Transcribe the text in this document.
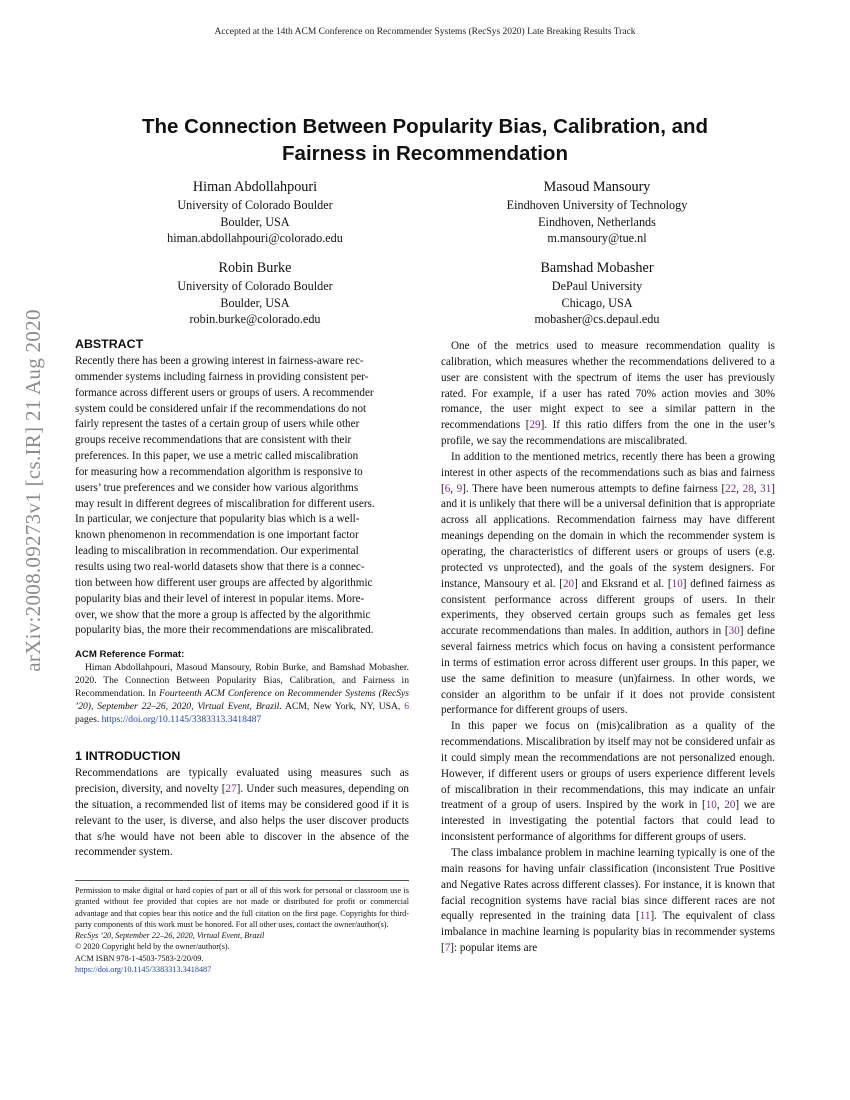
Accepted at the 14th ACM Conference on Recommender Systems (RecSys 2020) Late Breaking Results Track
arXiv:2008.09273v1 [cs.IR] 21 Aug 2020
The Connection Between Popularity Bias, Calibration, and
Fairness in Recommendation
Himan Abdollahpouri
University of Colorado Boulder
Boulder, USA
himan.abdollahpouri@colorado.edu
Masoud Mansoury
Eindhoven University of Technology
Eindhoven, Netherlands
m.mansoury@tue.nl
Robin Burke
University of Colorado Boulder
Boulder, USA
robin.burke@colorado.edu
Bamshad Mobasher
DePaul University
Chicago, USA
mobasher@cs.depaul.edu
ABSTRACT
Recently there has been a growing interest in fairness-aware rec-
ommender systems including fairness in providing consistent per-
formance across different users or groups of users. A recommender
system could be considered unfair if the recommendations do not
fairly represent the tastes of a certain group of users while other
groups receive recommendations that are consistent with their
preferences. In this paper, we use a metric called miscalibration
for measuring how a recommendation algorithm is responsive to
users’ true preferences and we consider how various algorithms
may result in different degrees of miscalibration for different users.
In particular, we conjecture that popularity bias which is a well-
known phenomenon in recommendation is one important factor
leading to miscalibration in recommendation. Our experimental
results using two real-world datasets show that there is a connec-
tion between how different user groups are affected by algorithmic
popularity bias and their level of interest in popular items. More-
over, we show that the more a group is affected by the algorithmic
popularity bias, the more their recommendations are miscalibrated.
ACM Reference Format:

Himan Abdollahpouri, Masoud Mansoury, Robin Burke, and Bamshad Mobasher. 2020. The Connection Between Popularity Bias, Calibration, and Fairness in Recommendation. In Fourteenth ACM Conference on Recommender Systems (RecSys ’20), September 22–26, 2020, Virtual Event, Brazil. ACM, New York, NY, USA, 6 pages. https://doi.org/10.1145/3383313.3418487

1 INTRODUCTION

Recommendations are typically evaluated using measures such as precision, diversity, and novelty [27]. Under such measures, depending on the situation, a recommended list of items may be considered good if it is relevant to the user, is diverse, and also helps the user discover products that s/he would have not been able to discover in the absence of the recommender system.

Permission to make digital or hard copies of part or all of this work for personal or classroom use is granted without fee provided that copies are not made or distributed for profit or commercial advantage and that copies bear this notice and the full citation on the first page. Copyrights for third-party components of this work must be honored. For all other uses, contact the owner/author(s).
RecSys ’20, September 22–26, 2020, Virtual Event, Brazil
© 2020 Copyright held by the owner/author(s).
ACM ISBN 978-1-4503-7583-2/20/09.
https://doi.org/10.1145/3383313.3418487

One of the metrics used to measure recommendation quality is calibration, which measures whether the recommendations delivered to a user are consistent with the spectrum of items the user has previously rated. For example, if a user has rated 70% action movies and 30% romance, the user might expect to see a similar pattern in the recommendations [29]. If this ratio differs from the one in the user’s profile, we say the recommendations are miscalibrated.

In addition to the mentioned metrics, recently there has been a growing interest in other aspects of the recommendations such as bias and fairness [6, 9]. There have been numerous attempts to define fairness [22, 28, 31] and it is unlikely that there will be a universal definition that is appropriate across all applications. Recommendation fairness may have different meanings depending on the domain in which the recommender system is operating, the characteristics of different users or groups of users (e.g. protected vs unprotected), and the goals of the system designers. For instance, Mansoury et al. [20] and Eksrand et al. [10] defined fairness as consistent performance across different groups of users. In their experiments, they observed certain groups such as females get less accurate recommendations than males. In addition, authors in [30] define several fairness metrics which focus on having a consistent performance in terms of estimation error across different user groups. In this paper, we use the same definition to measure (un)fairness. In other words, we consider an algorithm to be unfair if it does not provide consistent performance for different groups of users.

In this paper we focus on (mis)calibration as a quality of the recommendations. Miscalibration by itself may not be considered unfair as it could simply mean the recommendations are not personalized enough. However, if different users or groups of users experience different levels of miscalibration in their recommendations, this may indicate an unfair treatment of a group of users. Inspired by the work in [10, 20] we are interested in investigating the potential factors that could lead to inconsistent performance of algorithms for different groups of users.

The class imbalance problem in machine learning typically is one of the main reasons for having unfair classification (inconsistent True Positive and Negative Rates across different classes). For instance, it is known that facial recognition systems have racial bias since different races are not equally represented in the training data [11]. The equivalent of class imbalance in machine learning is popularity bias in recommender systems [7]: popular items are
